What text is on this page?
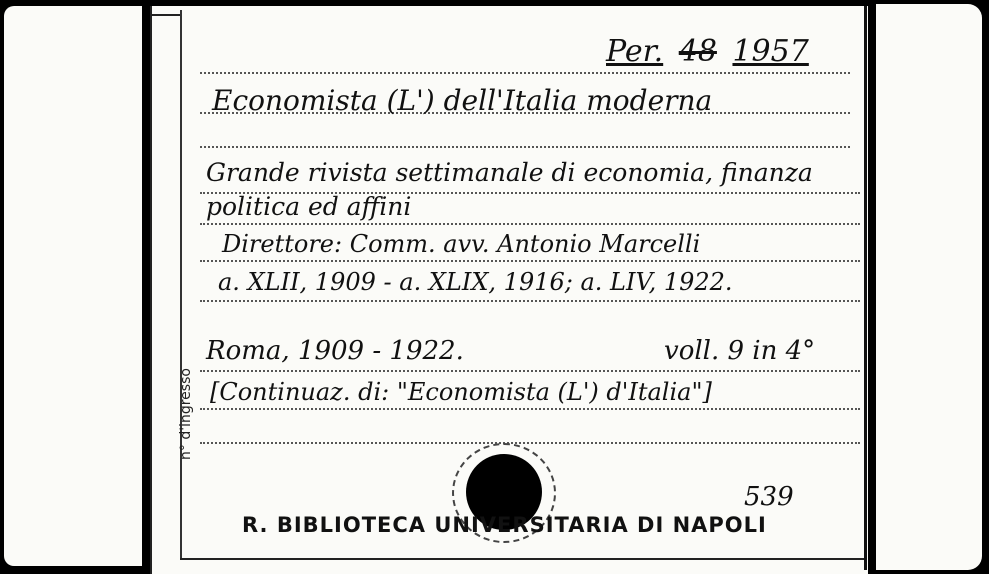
Per. 48 1957
Economista (L') dell'Italia moderna
Grande rivista settimanale di economia, finanza
politica ed affini
Direttore: Comm. avv. Antonio Marcelli
a. XLII, 1909 - a. XLIX, 1916; a. LIV, 1922.
Roma, 1909 - 1922.	voll. 9 in 4°
[Continuaz. di: "Economista (L') d'Italia"]
n° d'ingresso
539
R. BIBLIOTECA UNIVERSITARIA DI NAPOLI
